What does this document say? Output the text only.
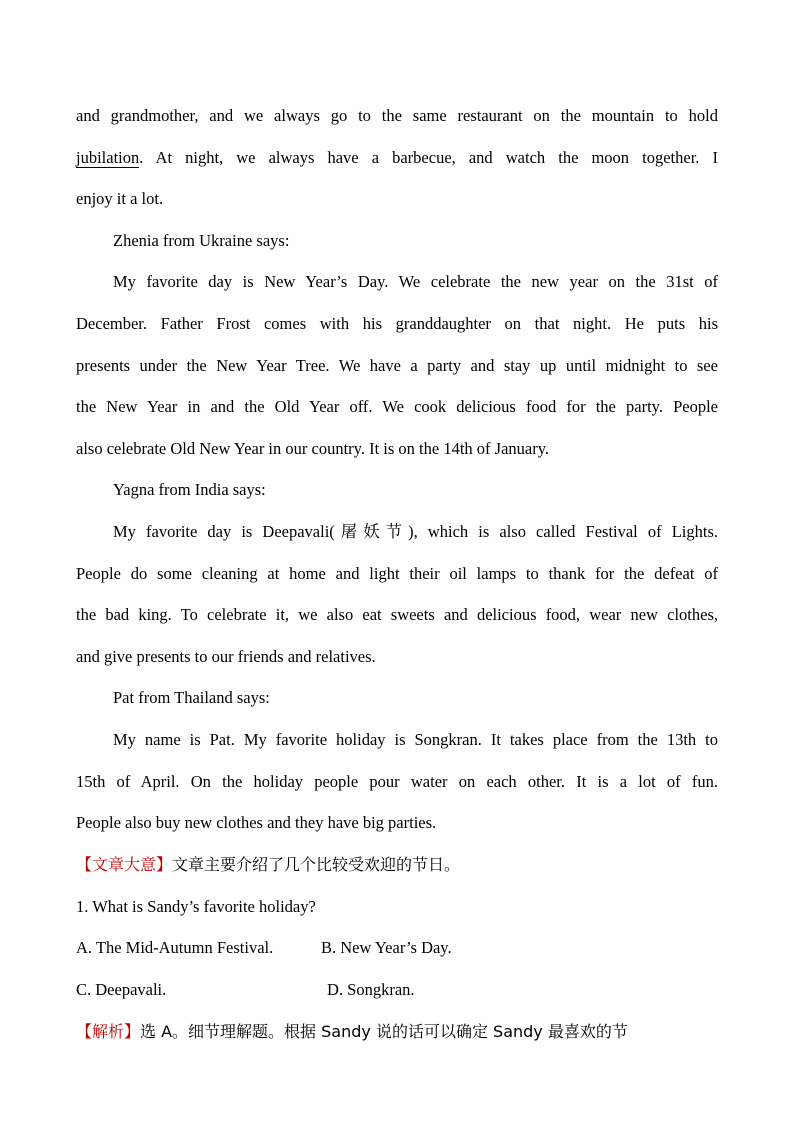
and grandmother, and we always go to the same restaurant on the mountain to hold
jubilation. At night, we always have a barbecue, and watch the moon together. I
enjoy it a lot.
Zhenia from Ukraine says:
My favorite day is New Year’s Day. We celebrate the new year on the 31st of
December. Father Frost comes with his granddaughter on that night. He puts his
presents under the New Year Tree. We have a party and stay up until midnight to see
the New Year in and the Old Year off. We cook delicious food for the party. People
also celebrate Old New Year in our country. It is on the 14th of January.
Yagna from India says:
My favorite day is Deepavali(屠妖节), which is also called Festival of Lights.
People do some cleaning at home and light their oil lamps to thank for the defeat of
the bad king. To celebrate it, we also eat sweets and delicious food, wear new clothes,
and give presents to our friends and relatives.
Pat from Thailand says:
My name is Pat. My favorite holiday is Songkran. It takes place from the 13th to
15th of April. On the holiday people pour water on each other. It is a lot of fun.
People also buy new clothes and they have big parties.
【文章大意】文章主要介绍了几个比较受欢迎的节日。
1. What is Sandy’s favorite holiday?
A. The Mid-Autumn Festival.	B. New Year’s Day.
C. Deepavali.	D. Songkran.
【解析】选 A。细节理解题。根据 Sandy 说的话可以确定 Sandy 最喜欢的节
